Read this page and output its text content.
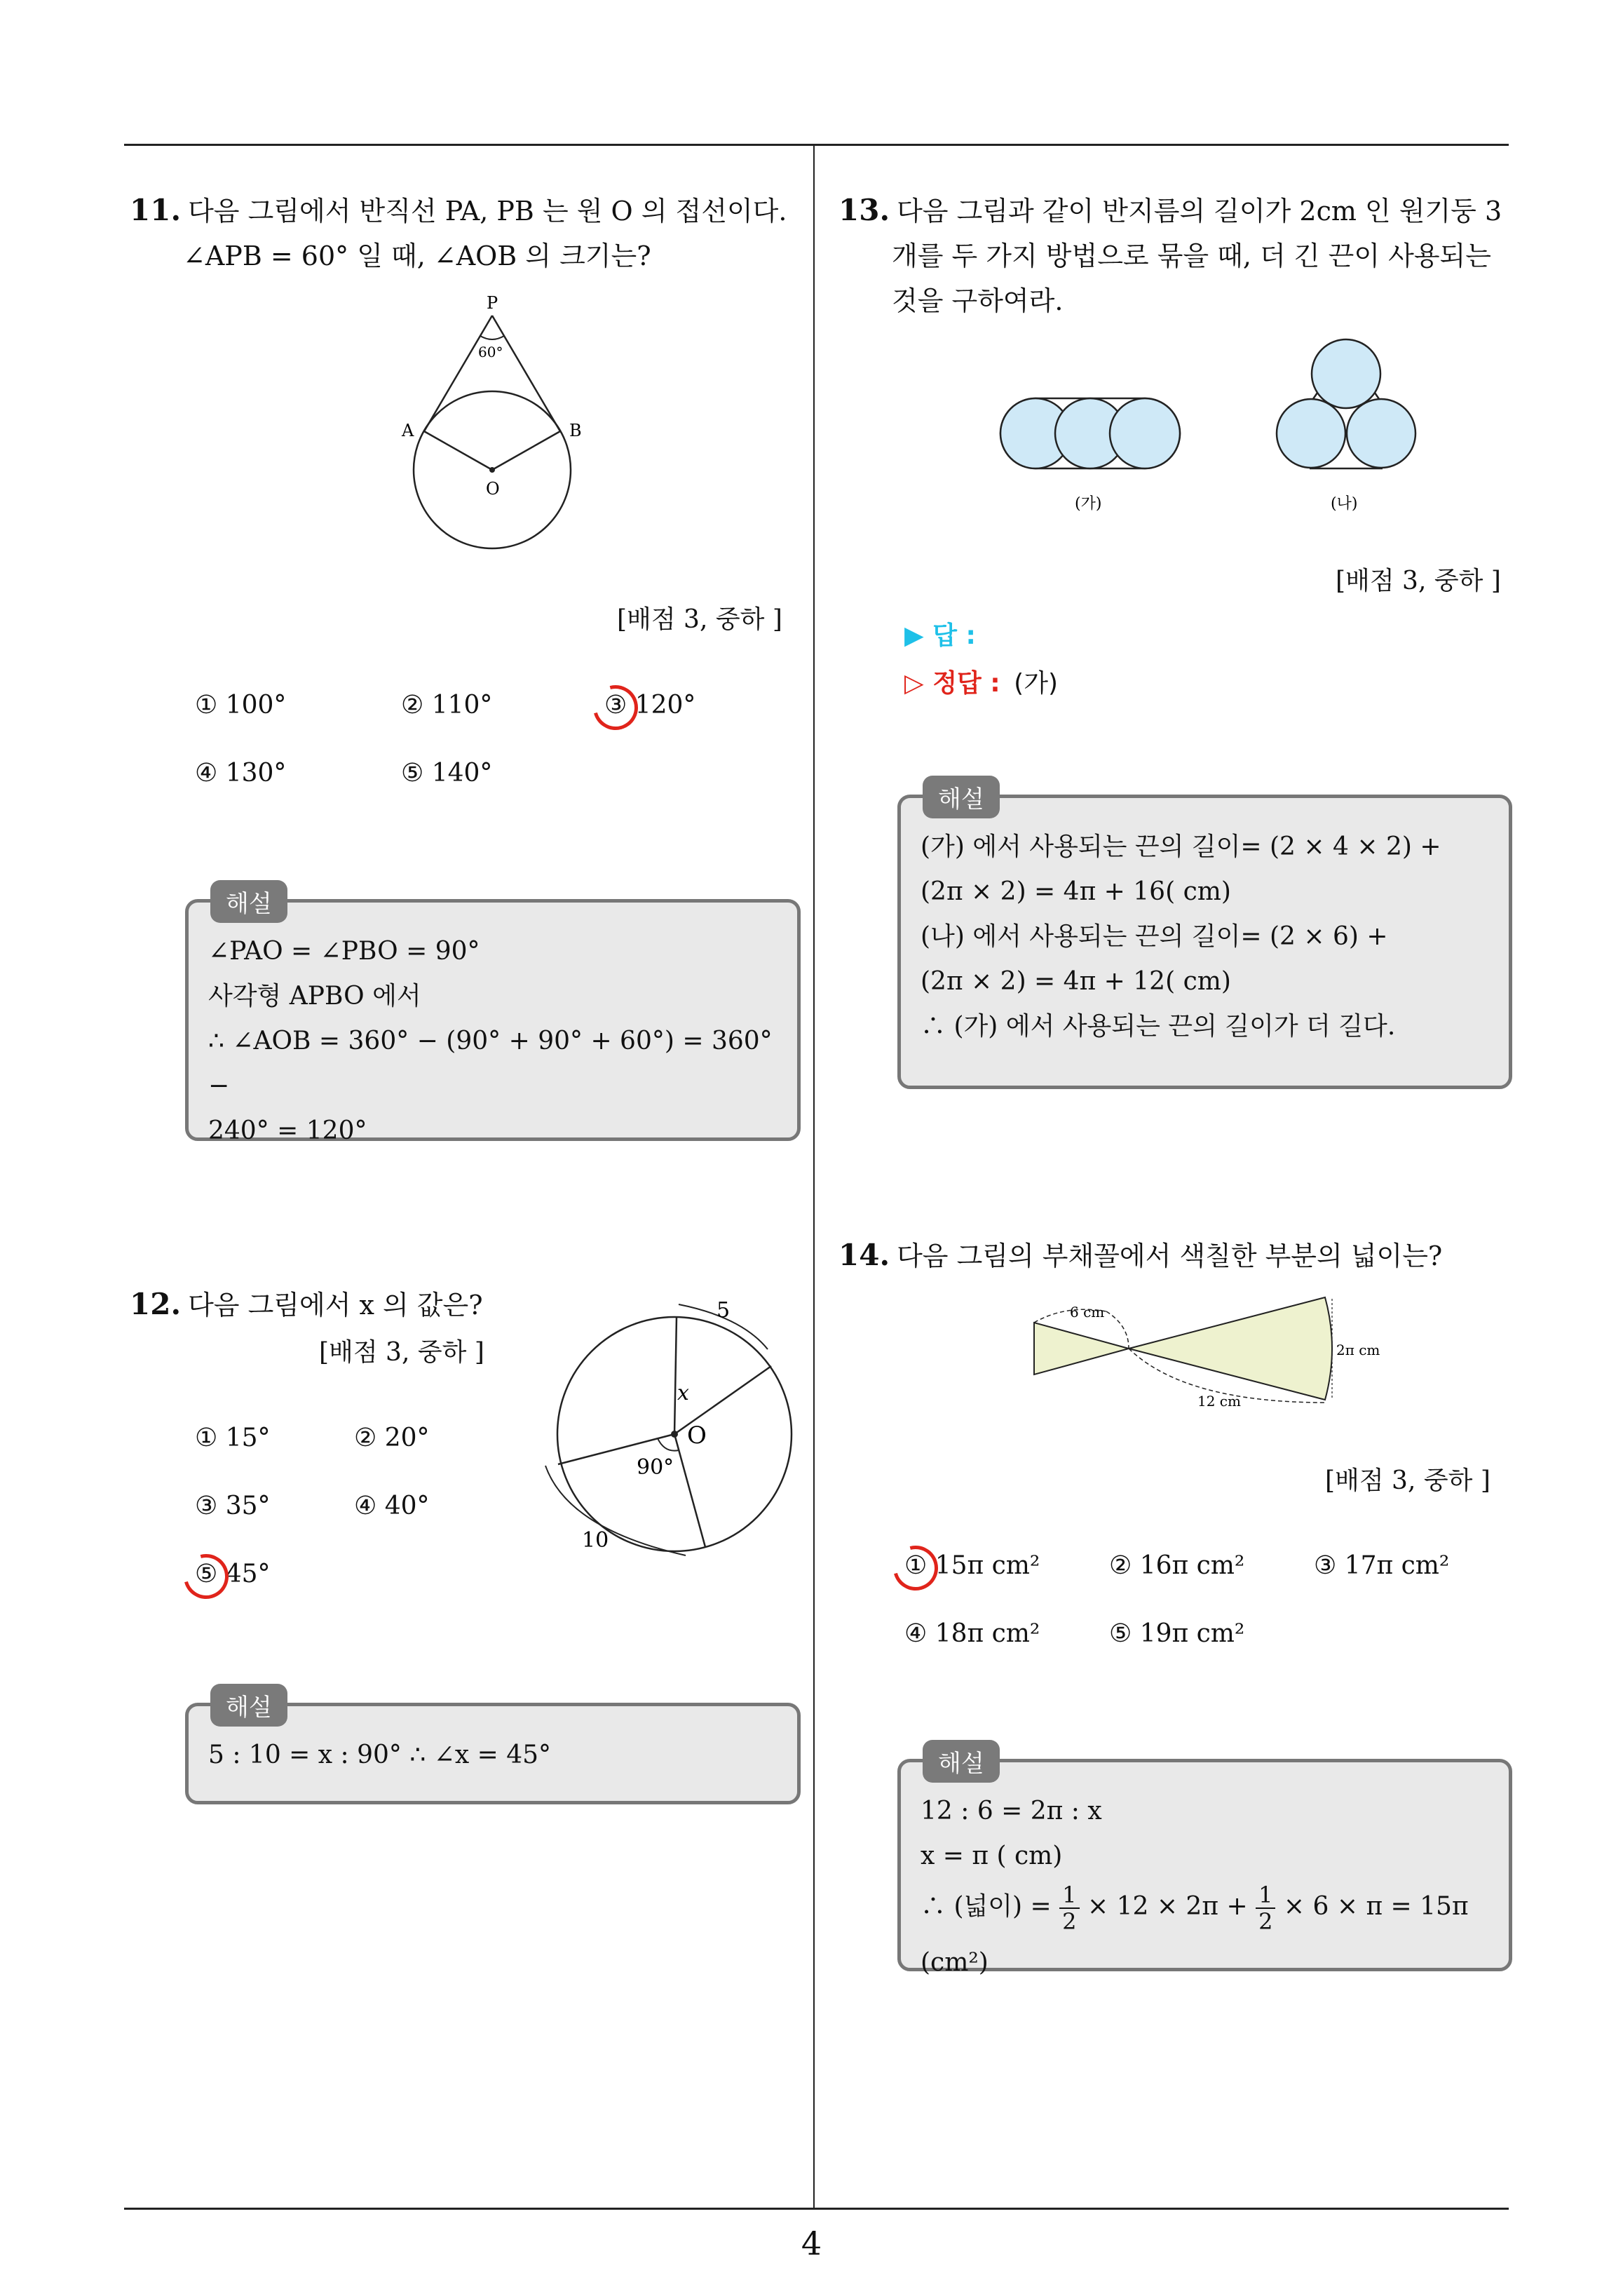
11. 다음 그림에서 반직선 PA, PB 는 원 O 의 접선이다.
∠APB = 60° 일 때, ∠AOB 의 크기는?
P
60°
A	B
O
[배점 3, 중하 ]
① 100°	② 110°	③ 120°
④ 130°	⑤ 140°
∠PAO = ∠PBO = 90°
사각형 APBO 에서
∴ ∠AOB = 360° − (90° + 90° + 60°) = 360° −
240° = 120°
해설
12. 다음 그림에서 x 의 값은?
[배점 3, 중하 ]
5
x
O
90°
10
① 15°	② 20°
③ 35°	④ 40°
⑤ 45°
5 : 10 = x : 90° ∴ ∠x = 45°
해설
13. 다음 그림과 같이 반지름의 길이가 2cm 인 원기둥 3
개를 두 가지 방법으로 묶을 때, 더 긴 끈이 사용되는
것을 구하여라.
(가)	(나)
[배점 3, 중하 ]
▶ 답 :
▷ 정답 : (가)
(가) 에서 사용되는 끈의 길이= (2 × 4 × 2) +
(2π × 2) = 4π + 16( cm)
(나) 에서 사용되는 끈의 길이= (2 × 6) +
(2π × 2) = 4π + 12( cm)
∴ (가) 에서 사용되는 끈의 길이가 더 길다.
해설
14. 다음 그림의 부채꼴에서 색칠한 부분의 넓이는?
6 cm
12 cm
2π cm
[배점 3, 중하 ]
① 15π cm²	② 16π cm²	③ 17π cm²
④ 18π cm²	⑤ 19π cm²
12 : 6 = 2π : x
x = π ( cm)
∴ (넓이) = $\frac{1}{2} \times 12 \times 2\pi + \frac{1}{2} \times 6 \times \pi = 15\pi$ (cm²)
해설
4
